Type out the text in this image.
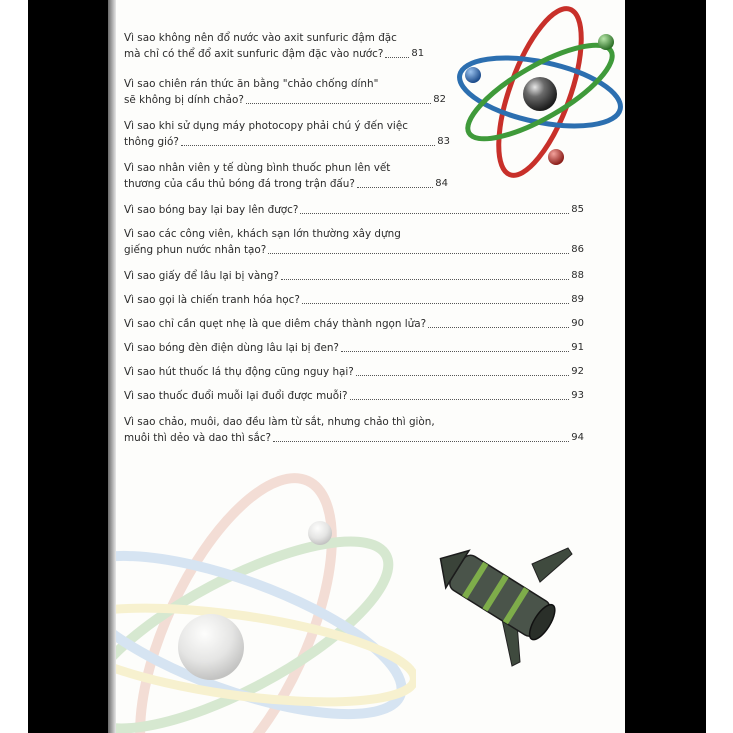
Vì sao không nên đổ nước vào axit sunfuric đậm đặc
mà chỉ có thể đổ axit sunfuric đậm đặc vào nước?	81
Vì sao chiên rán thức ăn bằng "chảo chống dính"
sẽ không bị dính chảo?	82
Vì sao khi sử dụng máy photocopy phải chú ý đến việc
thông gió?	83
Vì sao nhân viên y tế dùng bình thuốc phun lên vết
thương của cầu thủ bóng đá trong trận đấu?	84
Vì sao bóng bay lại bay lên được?	85
Vì sao các công viên, khách sạn lớn thường xây dựng
giếng phun nước nhân tạo?	86
Vì sao giấy để lâu lại bị vàng?	88
Vì sao gọi là chiến tranh hóa học?	89
Vì sao chỉ cần quẹt nhẹ là que diêm cháy thành ngọn lửa?	90
Vì sao bóng đèn điện dùng lâu lại bị đen?	91
Vì sao hút thuốc lá thụ động cũng nguy hại?	92
Vì sao thuốc đuổi muỗi lại đuổi được muỗi?	93
Vì sao chảo, muôi, dao đều làm từ sắt, nhưng chảo thì giòn,
muôi thì dẻo và dao thì sắc?	94
